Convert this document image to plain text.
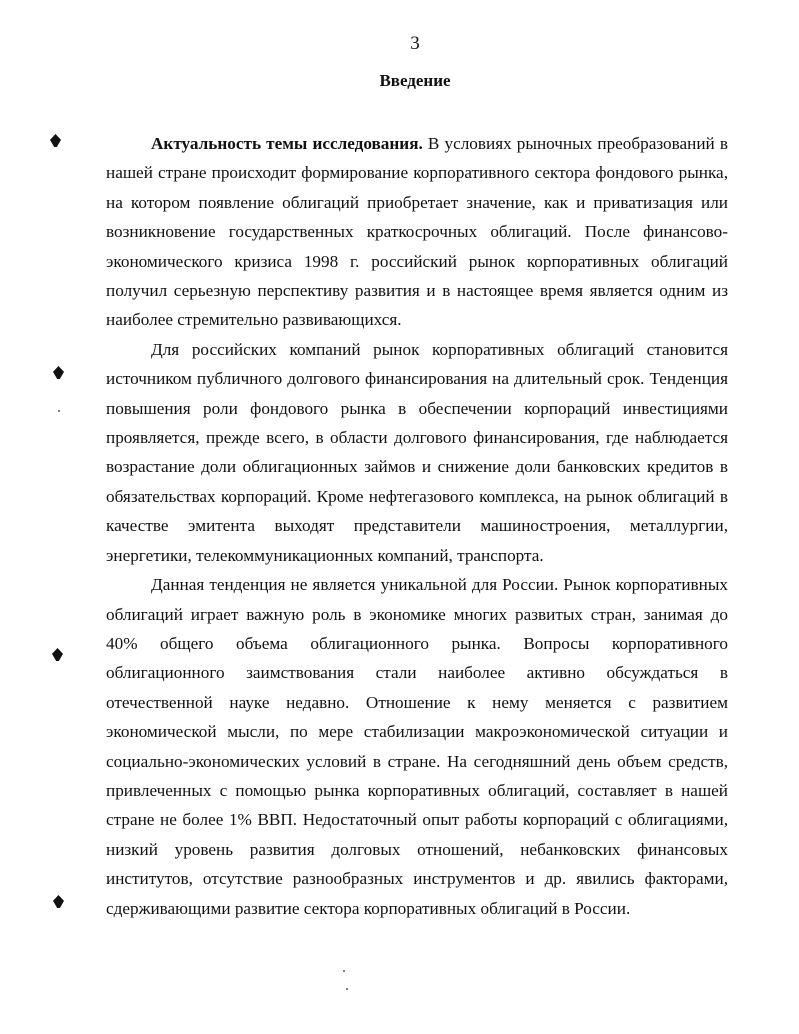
3
Введение

Актуальность темы исследования. В условиях рыночных преобразований в нашей стране происходит формирование корпоративного сектора фондового рынка, на котором появление облигаций приобретает значение, как и приватизация или возникновение государственных краткосрочных облигаций. После финансово-экономического кризиса 1998 г. российский рынок корпоративных облигаций получил серьезную перспективу развития и в настоящее время является одним из наиболее стремительно развивающихся.

Для российских компаний рынок корпоративных облигаций становится источником публичного долгового финансирования на длительный срок. Тенденция повышения роли фондового рынка в обеспечении корпораций инвестициями проявляется, прежде всего, в области долгового финансирования, где наблюдается возрастание доли облигационных займов и снижение доли банковских кредитов в обязательствах корпораций. Кроме нефтегазового комплекса, на рынок облигаций в качестве эмитента выходят представители машиностроения, металлургии, энергетики, телекоммуникационных компаний, транспорта.

Данная тенденция не является уникальной для России. Рынок корпоративных облигаций играет важную роль в экономике многих развитых стран, занимая до 40% общего объема облигационного рынка. Вопросы корпоративного облигационного заимствования стали наиболее активно обсуждаться в отечественной науке недавно. Отношение к нему меняется с развитием экономической мысли, по мере стабилизации макроэкономической ситуации и социально-экономических условий в стране. На сегодняшний день объем средств, привлеченных с помощью рынка корпоративных облигаций, составляет в нашей стране не более 1% ВВП. Недостаточный опыт работы корпораций с облигациями, низкий уровень развития долговых отношений, небанковских финансовых институтов, отсутствие разнообразных инструментов и др. явились факторами, сдерживающими развитие сектора корпоративных облигаций в России.
